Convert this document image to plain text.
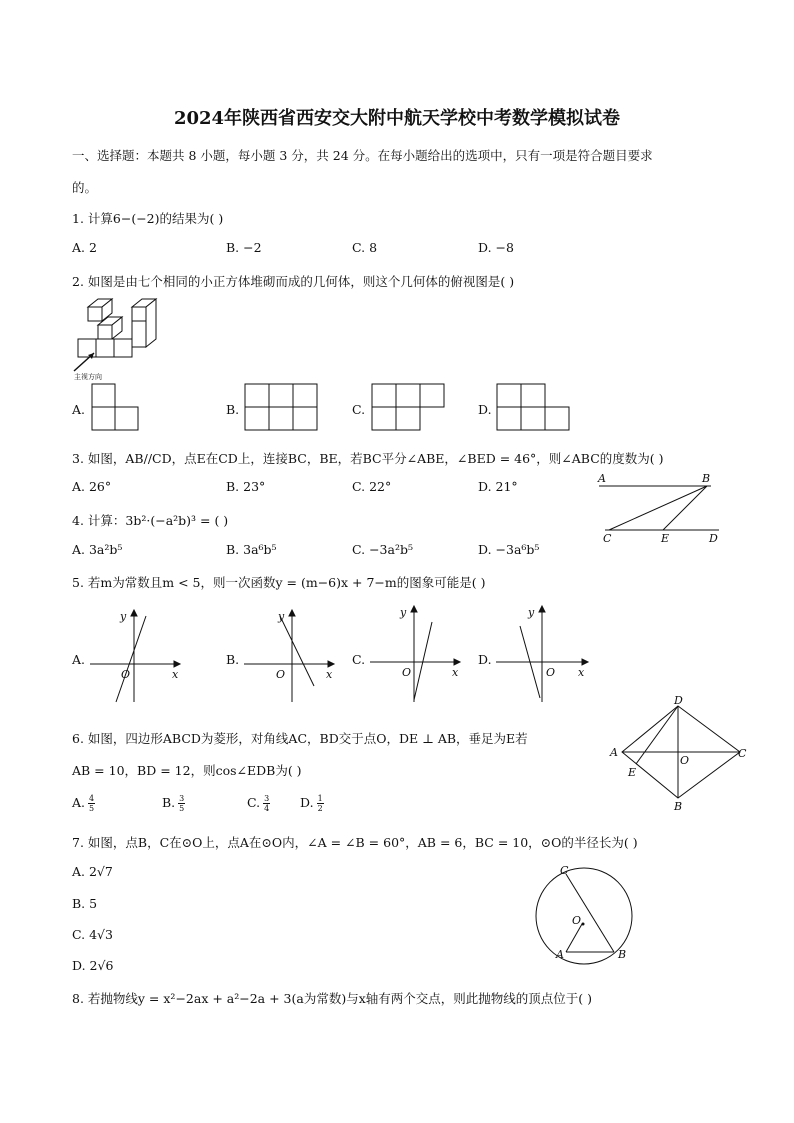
2024年陕西省西安交大附中航天学校中考数学模拟试卷
一、选择题：本题共 8 小题，每小题 3 分，共 24 分。在每小题给出的选项中，只有一项是符合题目要求
的。
1. 计算6−(−2)的结果为( )
A. 2	B. −2	C. 8	D. −8
2. 如图是由七个相同的小正方体堆砌而成的几何体，则这个几何体的俯视图是( )
主视方向
A.	B.	C.	D.
3. 如图，AB//CD，点E在CD上，连接BC，BE，若BC平分∠ABE，∠BED = 46°，则∠ABC的度数为( )
A. 26°	B. 23°	C. 22°	D. 21°
A	B
C	E	D
4. 计算：3b²·(−a²b)³ = ( )
A. 3a²b⁵	B. 3a⁶b⁵	C. −3a²b⁵	D. −3a⁶b⁵
5. 若m为常数且m < 5，则一次函数y = (m−6)x + 7−m的图象可能是( )
A.
y
x
O
B.
y
x
O
C.
y
x
O
D.
y
x
O
6. 如图，四边形ABCD为菱形，对角线AC，BD交于点O，DE ⊥ AB，垂足为E若
AB = 10，BD = 12，则cos∠EDB为( )
A. $\frac{4}{5}$	B. $\frac{3}{5}$	C. $\frac{3}{4} D$. $\frac{1}{2}$
D
A
O
C
E
B
7. 如图，点B，C在⊙O上，点A在⊙O内，∠A = ∠B = 60°，AB = 6，BC = 10，⊙O的半径长为( )
A. 2√7
B. 5
C. 4√3
D. 2√6
C
O
A	B
8. 若抛物线y = x²−2ax + a²−2a + 3(a为常数)与x轴有两个交点，则此抛物线的顶点位于( )
